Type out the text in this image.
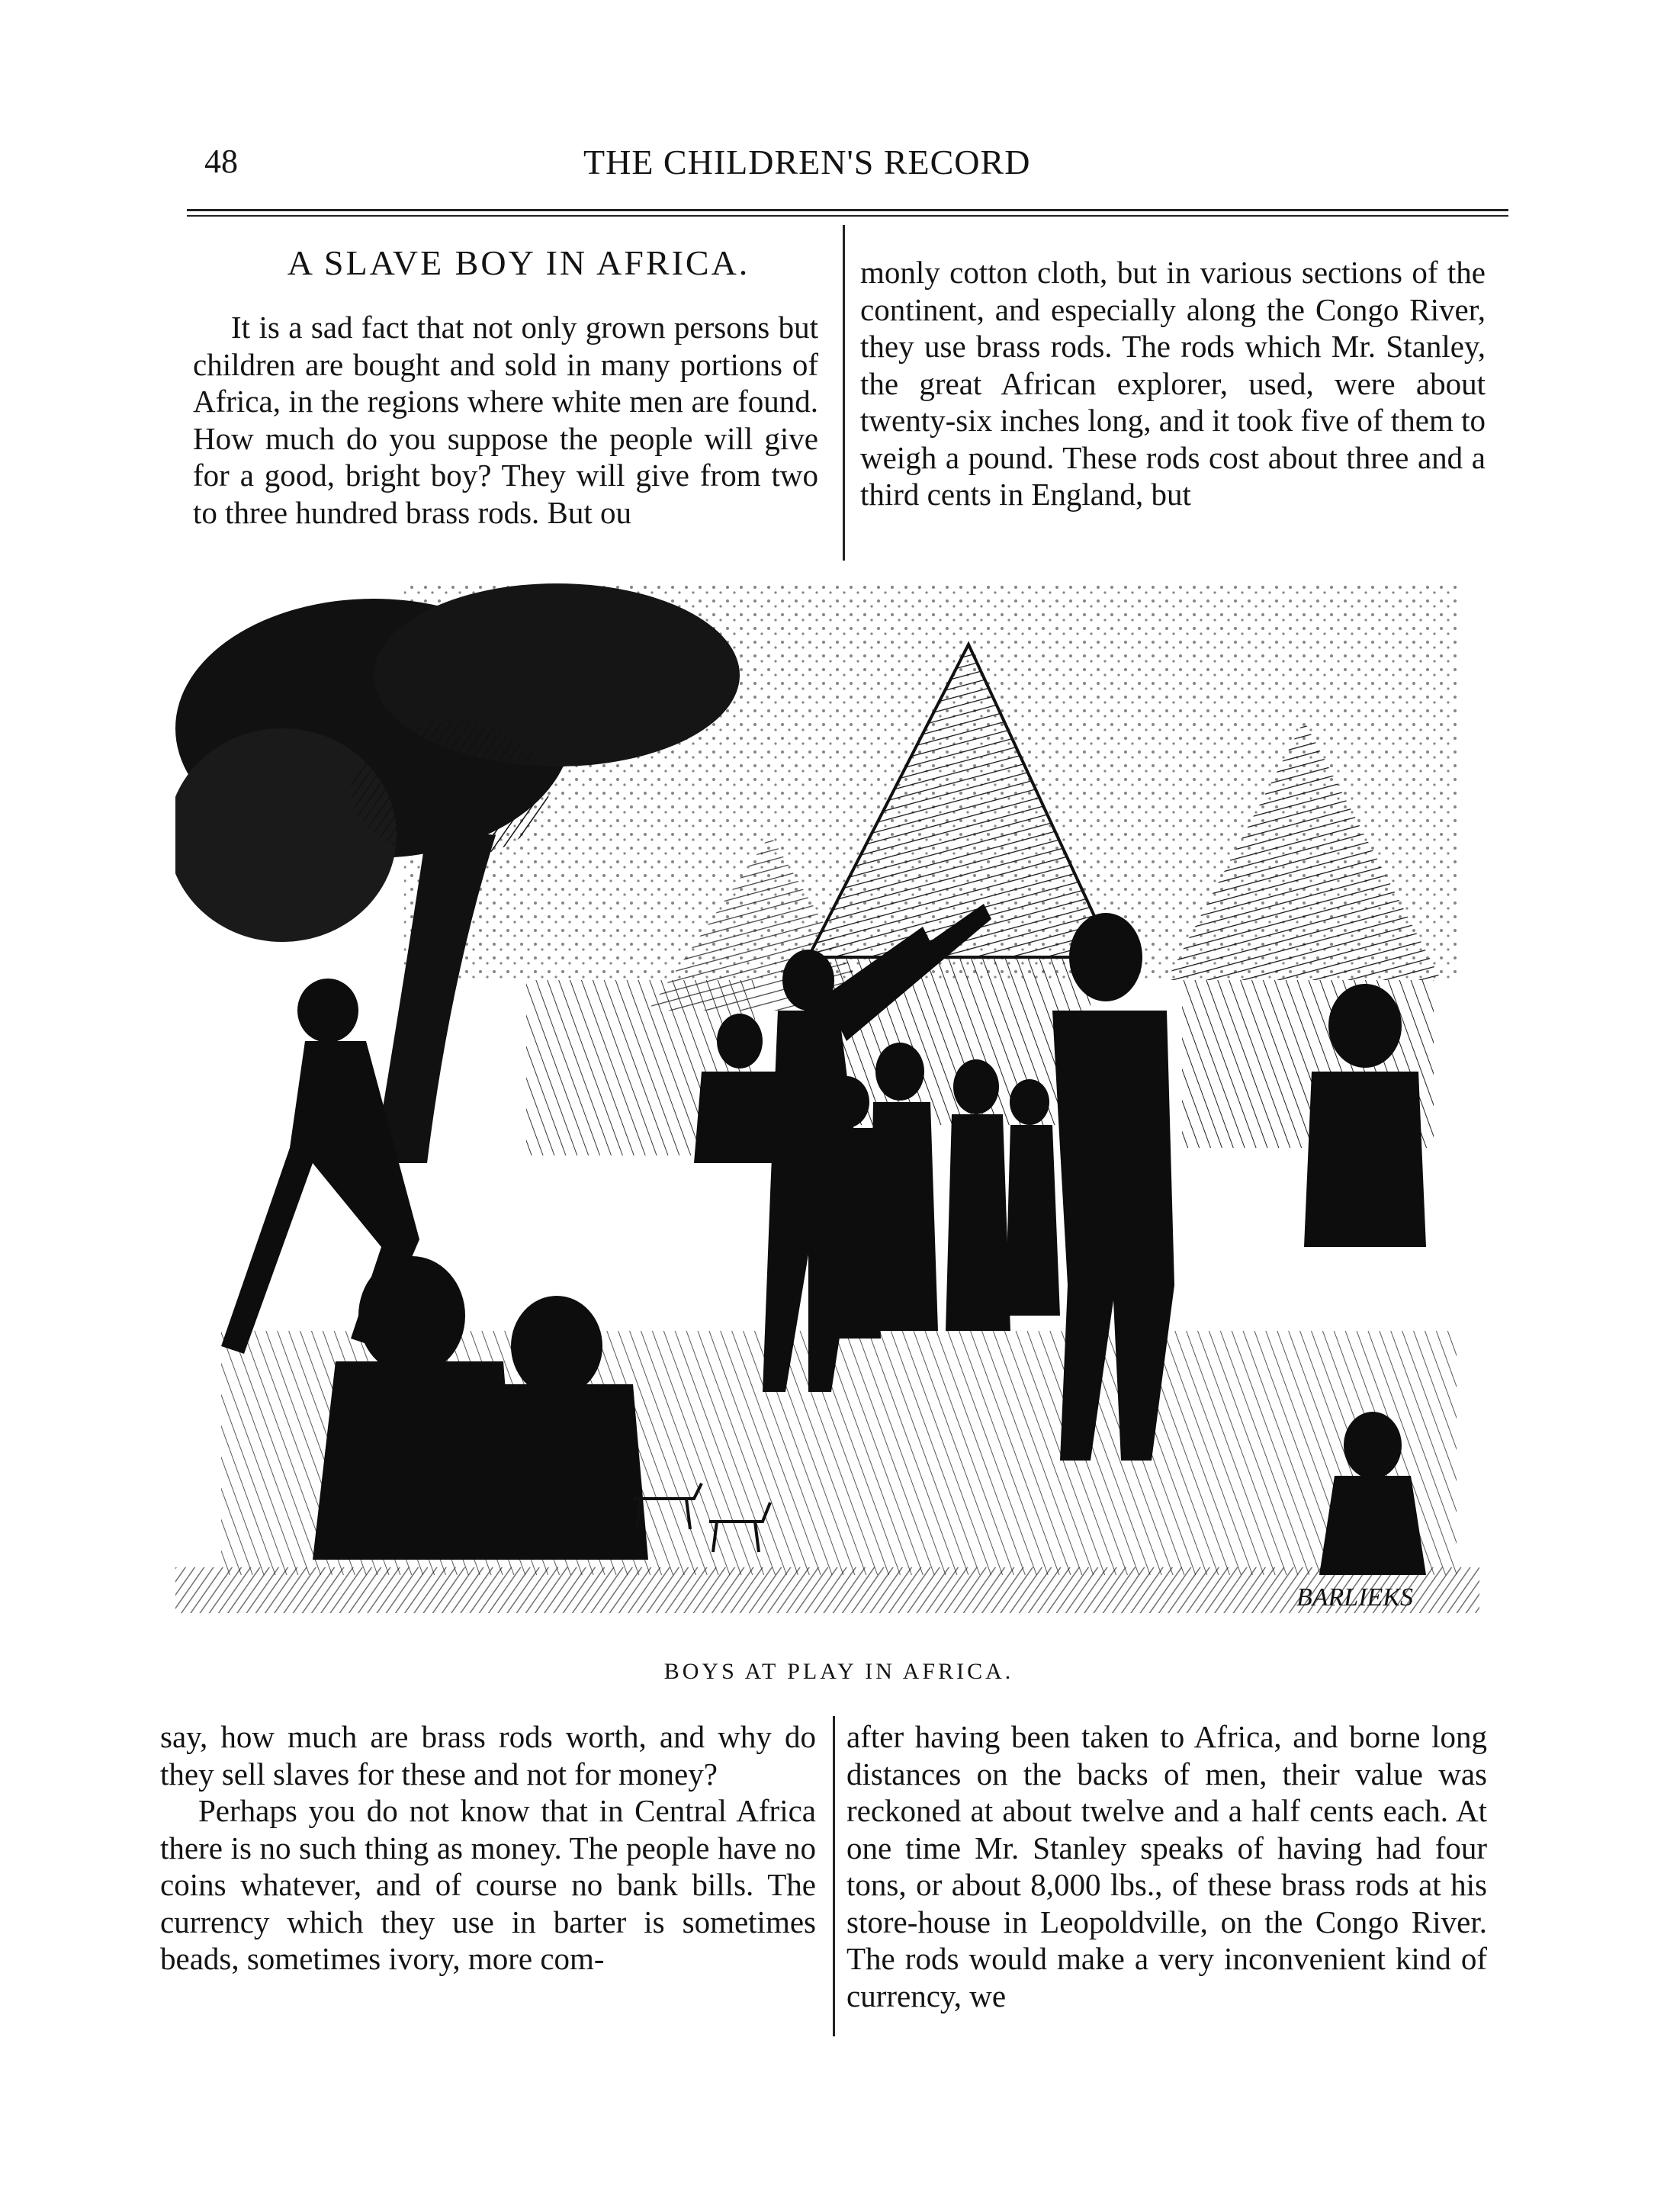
48	THE CHILDREN'S RECORD
A SLAVE BOY IN AFRICA.

It is a sad fact that not only grown persons but children are bought and sold in many portions of Africa, in the regions where white men are found. How much do you suppose the people will give for a good, bright boy? They will give from two to three hundred brass rods. But ou

monly cotton cloth, but in various sections of the continent, and especially along the Congo River, they use brass rods. The rods which Mr. Stanley, the great African explorer, used, were about twenty-six inches long, and it took five of them to weigh a pound. These rods cost about three and a third cents in England, but

BARLIEKS
BOYS AT PLAY IN AFRICA.

say, how much are brass rods worth, and why do they sell slaves for these and not for money?

Perhaps you do not know that in Central Africa there is no such thing as money. The people have no coins whatever, and of course no bank bills. The currency which they use in barter is sometimes beads, sometimes ivory, more com-

after having been taken to Africa, and borne long distances on the backs of men, their value was reckoned at about twelve and a half cents each. At one time Mr. Stanley speaks of having had four tons, or about 8,000 lbs., of these brass rods at his store-house in Leopoldville, on the Congo River. The rods would make a very inconvenient kind of currency, we
